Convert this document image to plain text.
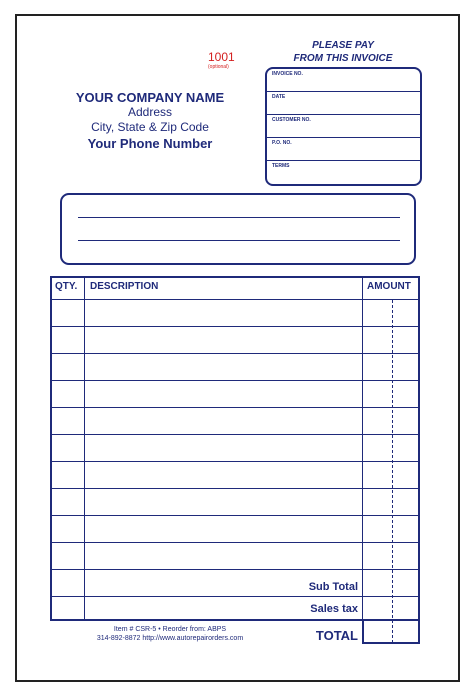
1001
(optional)
PLEASE PAY
FROM THIS INVOICE
YOUR COMPANY NAME
Address
City, State & Zip Code
Your Phone Number
INVOICE NO.
DATE
CUSTOMER NO.
P.O. NO.
TERMS
QTY. DESCRIPTION	AMOUNT
Sub Total
Sales tax
TOTAL
Item # CSR-5 • Reorder from: ABPS
314-892-8872 http://www.autorepairorders.com
